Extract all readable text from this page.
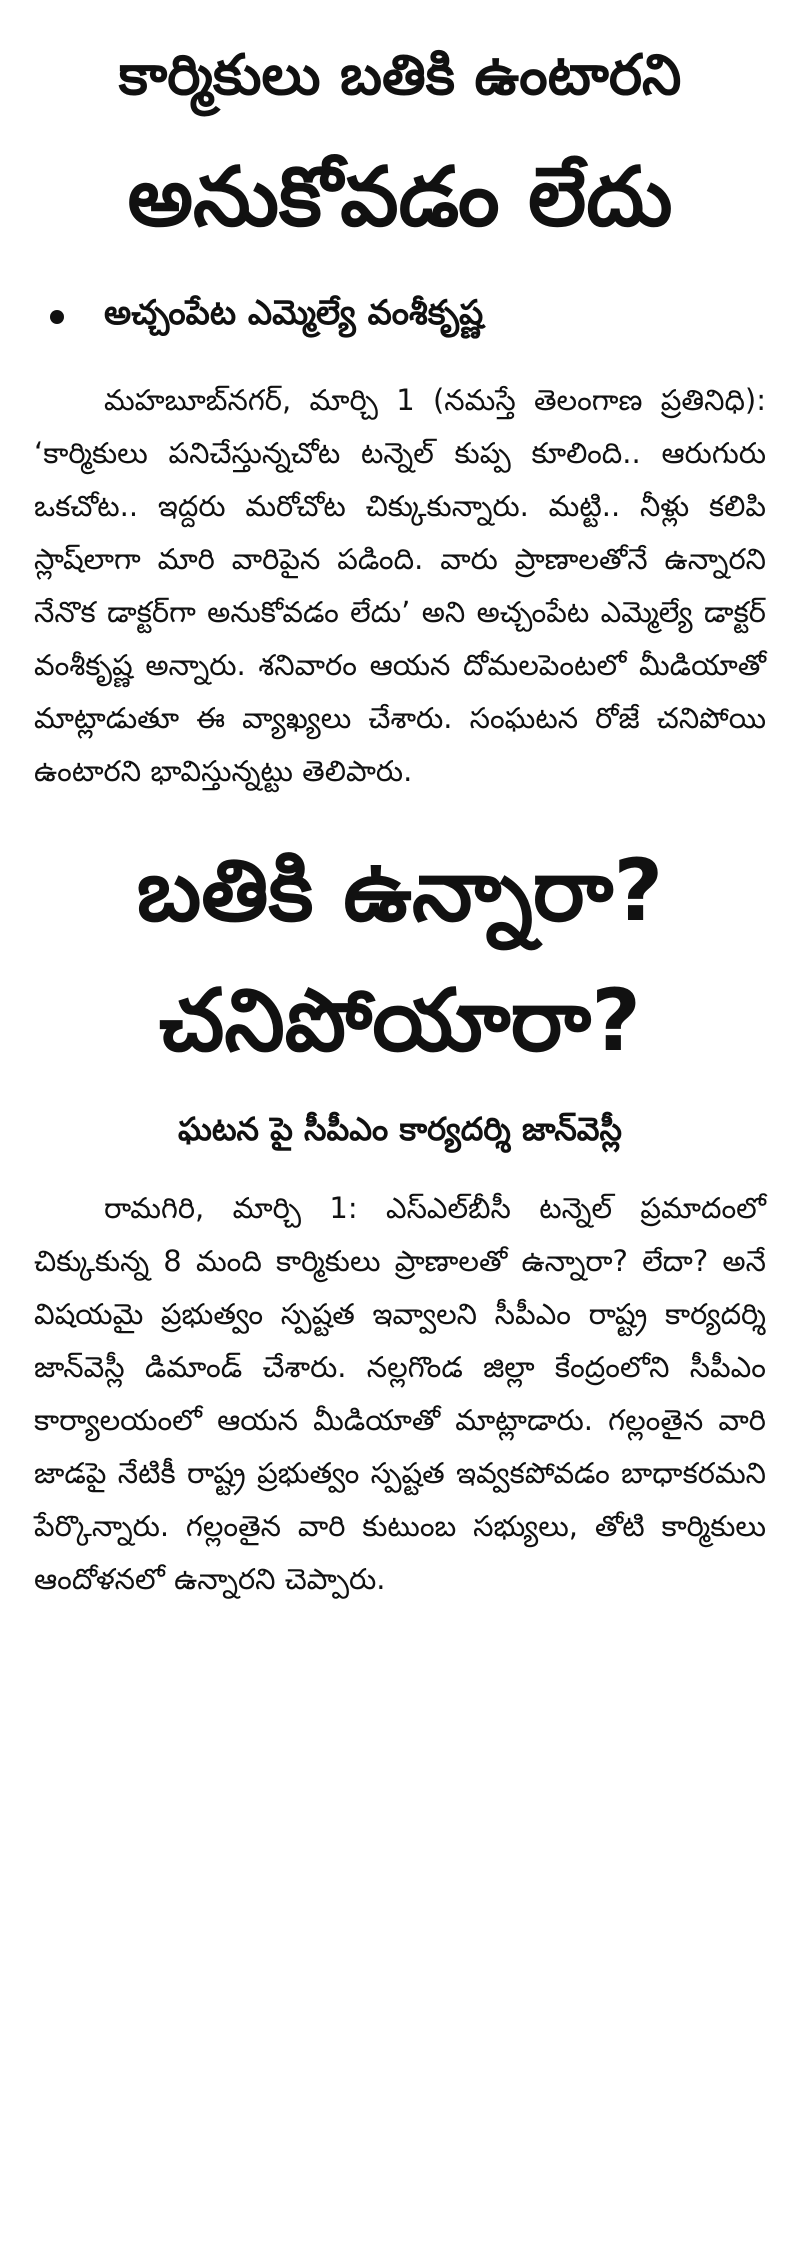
కార్మికులు బతికి ఉంటారని
అనుకోవడం లేదు
అచ్చంపేట ఎమ్మెల్యే వంశీకృష్ణ

మహబూబ్‌నగర్, మార్చి 1 (నమస్తే తెలంగాణ ప్రతినిధి): ‘కార్మికులు పనిచేస్తున్నచోట టన్నెల్ కుప్ప కూలింది.. ఆరుగురు ఒకచోట.. ఇద్దరు మరోచోట చిక్కుకున్నారు. మట్టి.. నీళ్లు కలిపి స్లాష్‌లాగా మారి వారిపైన పడింది. వారు ప్రాణాలతోనే ఉన్నారని నేనొక డాక్టర్‌గా అనుకోవడం లేదు’ అని అచ్చంపేట ఎమ్మెల్యే డాక్టర్ వంశీకృష్ణ అన్నారు. శనివారం ఆయన దోమలపెంటలో మీడియాతో మాట్లాడుతూ ఈ వ్యాఖ్యలు చేశారు. సంఘటన రోజే చనిపోయి ఉంటారని భావిస్తున్నట్టు తెలిపారు.

బతికి ఉన్నారా?
చనిపోయారా?
ఘటన పై సీపీఎం కార్యదర్శి జాన్‌వెస్లీ

రామగిరి, మార్చి 1: ఎస్ఎల్‌బీసీ టన్నెల్ ప్రమాదంలో చిక్కుకున్న 8 మంది కార్మికులు ప్రాణాలతో ఉన్నారా? లేదా? అనే విషయమై ప్రభుత్వం స్పష్టత ఇవ్వాలని సీపీఎం రాష్ట్ర కార్యదర్శి జాన్‌వెస్లీ డిమాండ్ చేశారు. నల్లగొండ జిల్లా కేంద్రంలోని సీపీఎం కార్యాలయంలో ఆయన మీడియాతో మాట్లాడారు. గల్లంతైన వారి జాడపై నేటికీ రాష్ట్ర ప్రభుత్వం స్పష్టత ఇవ్వకపోవడం బాధాకరమని పేర్కొన్నారు. గల్లంతైన వారి కుటుంబ సభ్యులు, తోటి కార్మికులు ఆందోళనలో ఉన్నారని చెప్పారు.
